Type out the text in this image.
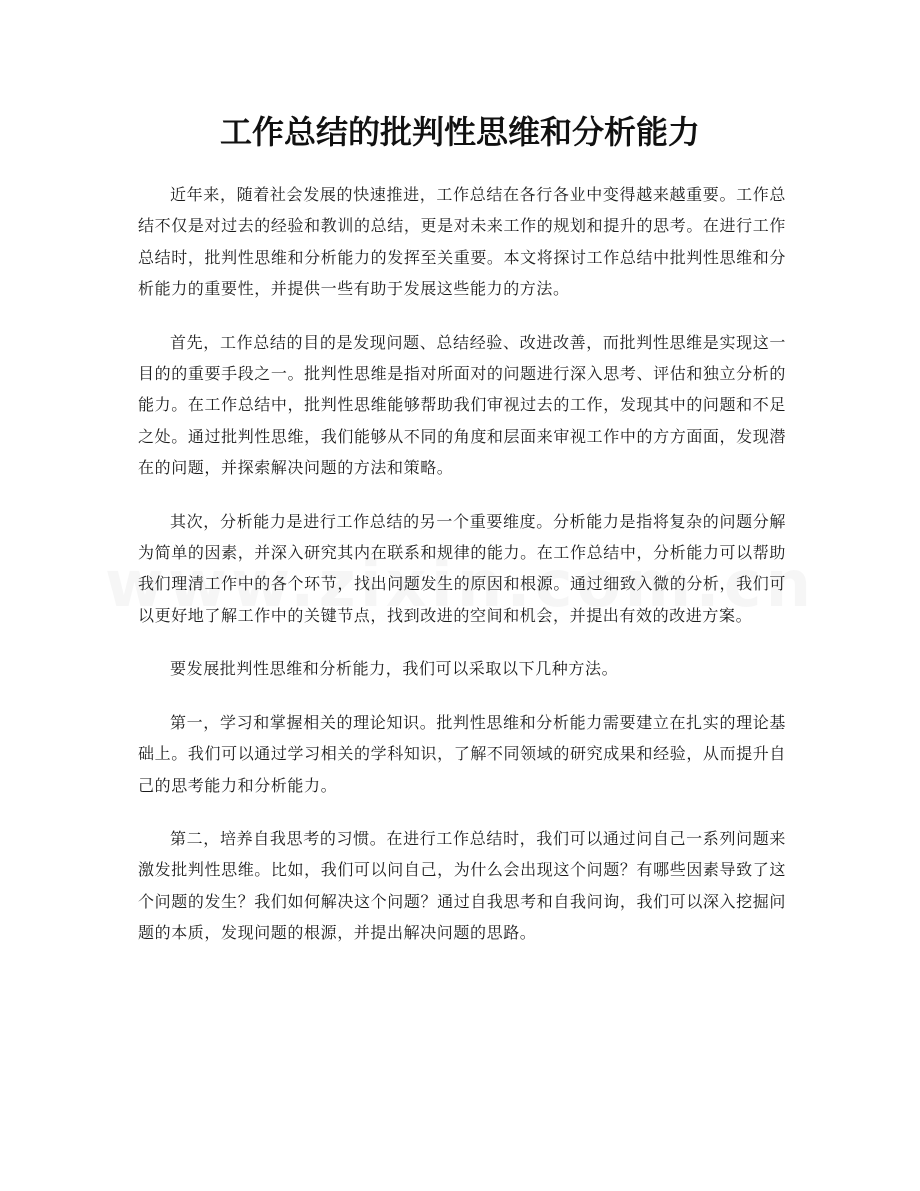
工作总结的批判性思维和分析能力

近年来，随着社会发展的快速推进，工作总结在各行各业中变得越来越重要。工作总结不仅是对过去的经验和教训的总结，更是对未来工作的规划和提升的思考。在进行工作总结时，批判性思维和分析能力的发挥至关重要。本文将探讨工作总结中批判性思维和分析能力的重要性，并提供一些有助于发展这些能力的方法。

首先，工作总结的目的是发现问题、总结经验、改进改善，而批判性思维是实现这一目的的重要手段之一。批判性思维是指对所面对的问题进行深入思考、评估和独立分析的能力。在工作总结中，批判性思维能够帮助我们审视过去的工作，发现其中的问题和不足之处。通过批判性思维，我们能够从不同的角度和层面来审视工作中的方方面面，发现潜在的问题，并探索解决问题的方法和策略。

其次，分析能力是进行工作总结的另一个重要维度。分析能力是指将复杂的问题分解为简单的因素，并深入研究其内在联系和规律的能力。在工作总结中，分析能力可以帮助我们理清工作中的各个环节，找出问题发生的原因和根源。通过细致入微的分析，我们可以更好地了解工作中的关键节点，找到改进的空间和机会，并提出有效的改进方案。

要发展批判性思维和分析能力，我们可以采取以下几种方法。

第一，学习和掌握相关的理论知识。批判性思维和分析能力需要建立在扎实的理论基础上。我们可以通过学习相关的学科知识，了解不同领域的研究成果和经验，从而提升自己的思考能力和分析能力。

第二，培养自我思考的习惯。在进行工作总结时，我们可以通过问自己一系列问题来激发批判性思维。比如，我们可以问自己，为什么会出现这个问题？有哪些因素导致了这个问题的发生？我们如何解决这个问题？通过自我思考和自我问询，我们可以深入挖掘问题的本质，发现问题的根源，并提出解决问题的思路。
